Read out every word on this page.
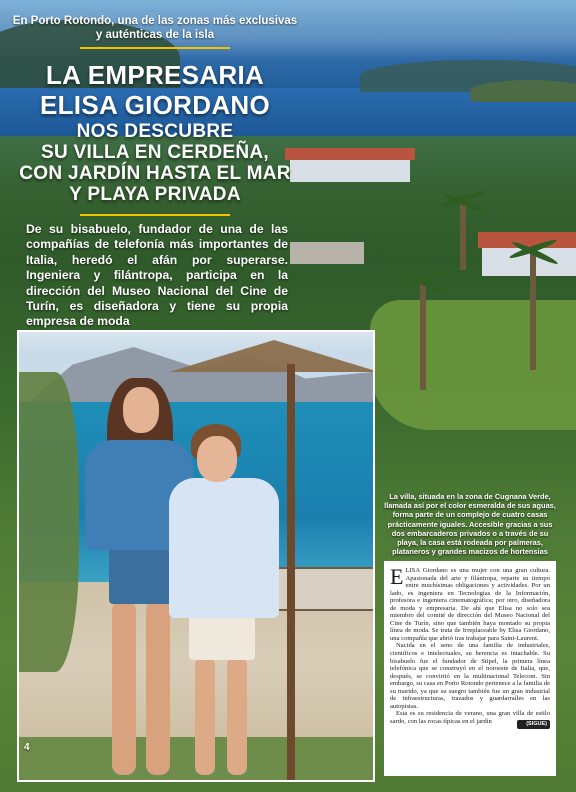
En Porto Rotondo, una de las zonas más exclusivas y auténticas de la isla
LA EMPRESARIA
ELISA GIORDANO
NOS DESCUBRE
SU VILLA EN CERDEÑA,
CON JARDÍN HASTA EL MAR
Y PLAYA PRIVADA
De su bisabuelo, fundador de una de las compañías de telefonía más importantes de Italia, heredó el afán por superarse. Ingeniera y filántropa, participa en la dirección del Museo Nacional del Cine de Turín, es diseñadora y tiene su propia empresa de moda
4
La villa, situada en la zona de Cugnana Verde, llamada así por el color esmeralda de sus aguas, forma parte de un complejo de cuatro casas prácticamente iguales. Accesible gracias a sus dos embarcaderos privados o a través de su playa, la casa está rodeada por palmeras, plataneros y grandes macizos de hortensias

ELISA Giordano es una mujer con una gran cultura. Apasionada del arte y filántropa, reparte su tiempo entre muchísimas obligaciones y actividades. Por un lado, es ingeniera en Tecnologías de la Información, profesora e ingeniera cinematográfica; por otro, diseñadora de moda y empresaria. De ahí que Elisa no solo sea miembro del comité de dirección del Museo Nacional del Cine de Turín, sino que también haya montado su propia línea de moda. Se trata de Irreplaceable by Elisa Giordano, una compañía que abrió tras trabajar para Saint-Laurent.

Nacida en el seno de una familia de industriales, científicos e intelectuales, su herencia es intachable. Su bisabuelo fue el fundador de Stipel, la primera línea telefónica que se construyó en el noroeste de Italia, que, después, se convirtió en la multinacional Telecom. Sin embargo, su casa en Porto Rotondo pertenece a la familia de su marido, ya que su suegro también fue un gran industrial de infraestructuras, trazados y guardarraíles en las autopistas.

Esta es su residencia de verano, una gran villa de estilo sardo, con las rocas típicas en el jardín	(SIGUE)
